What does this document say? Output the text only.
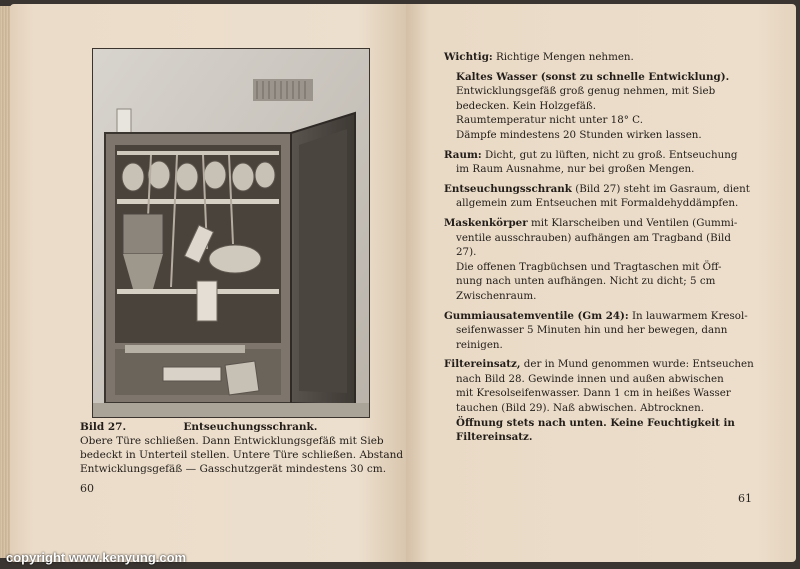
Bild 27.	Entseuchungsschrank.
Obere Türe schließen. Dann Entwicklungsgefäß mit Sieb
bedeckt in Unterteil stellen. Untere Türe schließen. Abstand
Entwicklungsgefäß — Gasschutzgerät mindestens 30 cm.
60
Wichtig: Richtige Mengen nehmen.
Kaltes Wasser (sonst zu schnelle Entwicklung).
Entwicklungsgefäß groß genug nehmen, mit Sieb
bedecken. Kein Holzgefäß.
Raumtemperatur nicht unter 18° C.
Dämpfe mindestens 20 Stunden wirken lassen.
Raum: Dicht, gut zu lüften, nicht zu groß. Entseuchung
im Raum Ausnahme, nur bei großen Mengen.
Entseuchungsschrank (Bild 27) steht im Gasraum, dient
allgemein zum Entseuchen mit Formaldehyddämpfen.
Maskenkörper mit Klarscheiben und Ventilen (Gummi-
ventile ausschrauben) aufhängen am Tragband (Bild 27).
Die offenen Tragbüchsen und Tragtaschen mit Öff-
nung nach unten aufhängen. Nicht zu dicht; 5 cm
Zwischenraum.
Gummiausatemventile (Gm 24): In lauwarmem Kresol-
seifenwasser 5 Minuten hin und her bewegen, dann
reinigen.
Filtereinsatz, der in Mund genommen wurde: Entseuchen
nach Bild 28. Gewinde innen und außen abwischen
mit Kresolseifenwasser. Dann 1 cm in heißes Wasser
tauchen (Bild 29). Naß abwischen. Abtrocknen.
Öffnung stets nach unten. Keine Feuchtigkeit in
Filtereinsatz.
61
copyright www.kenyung.com
